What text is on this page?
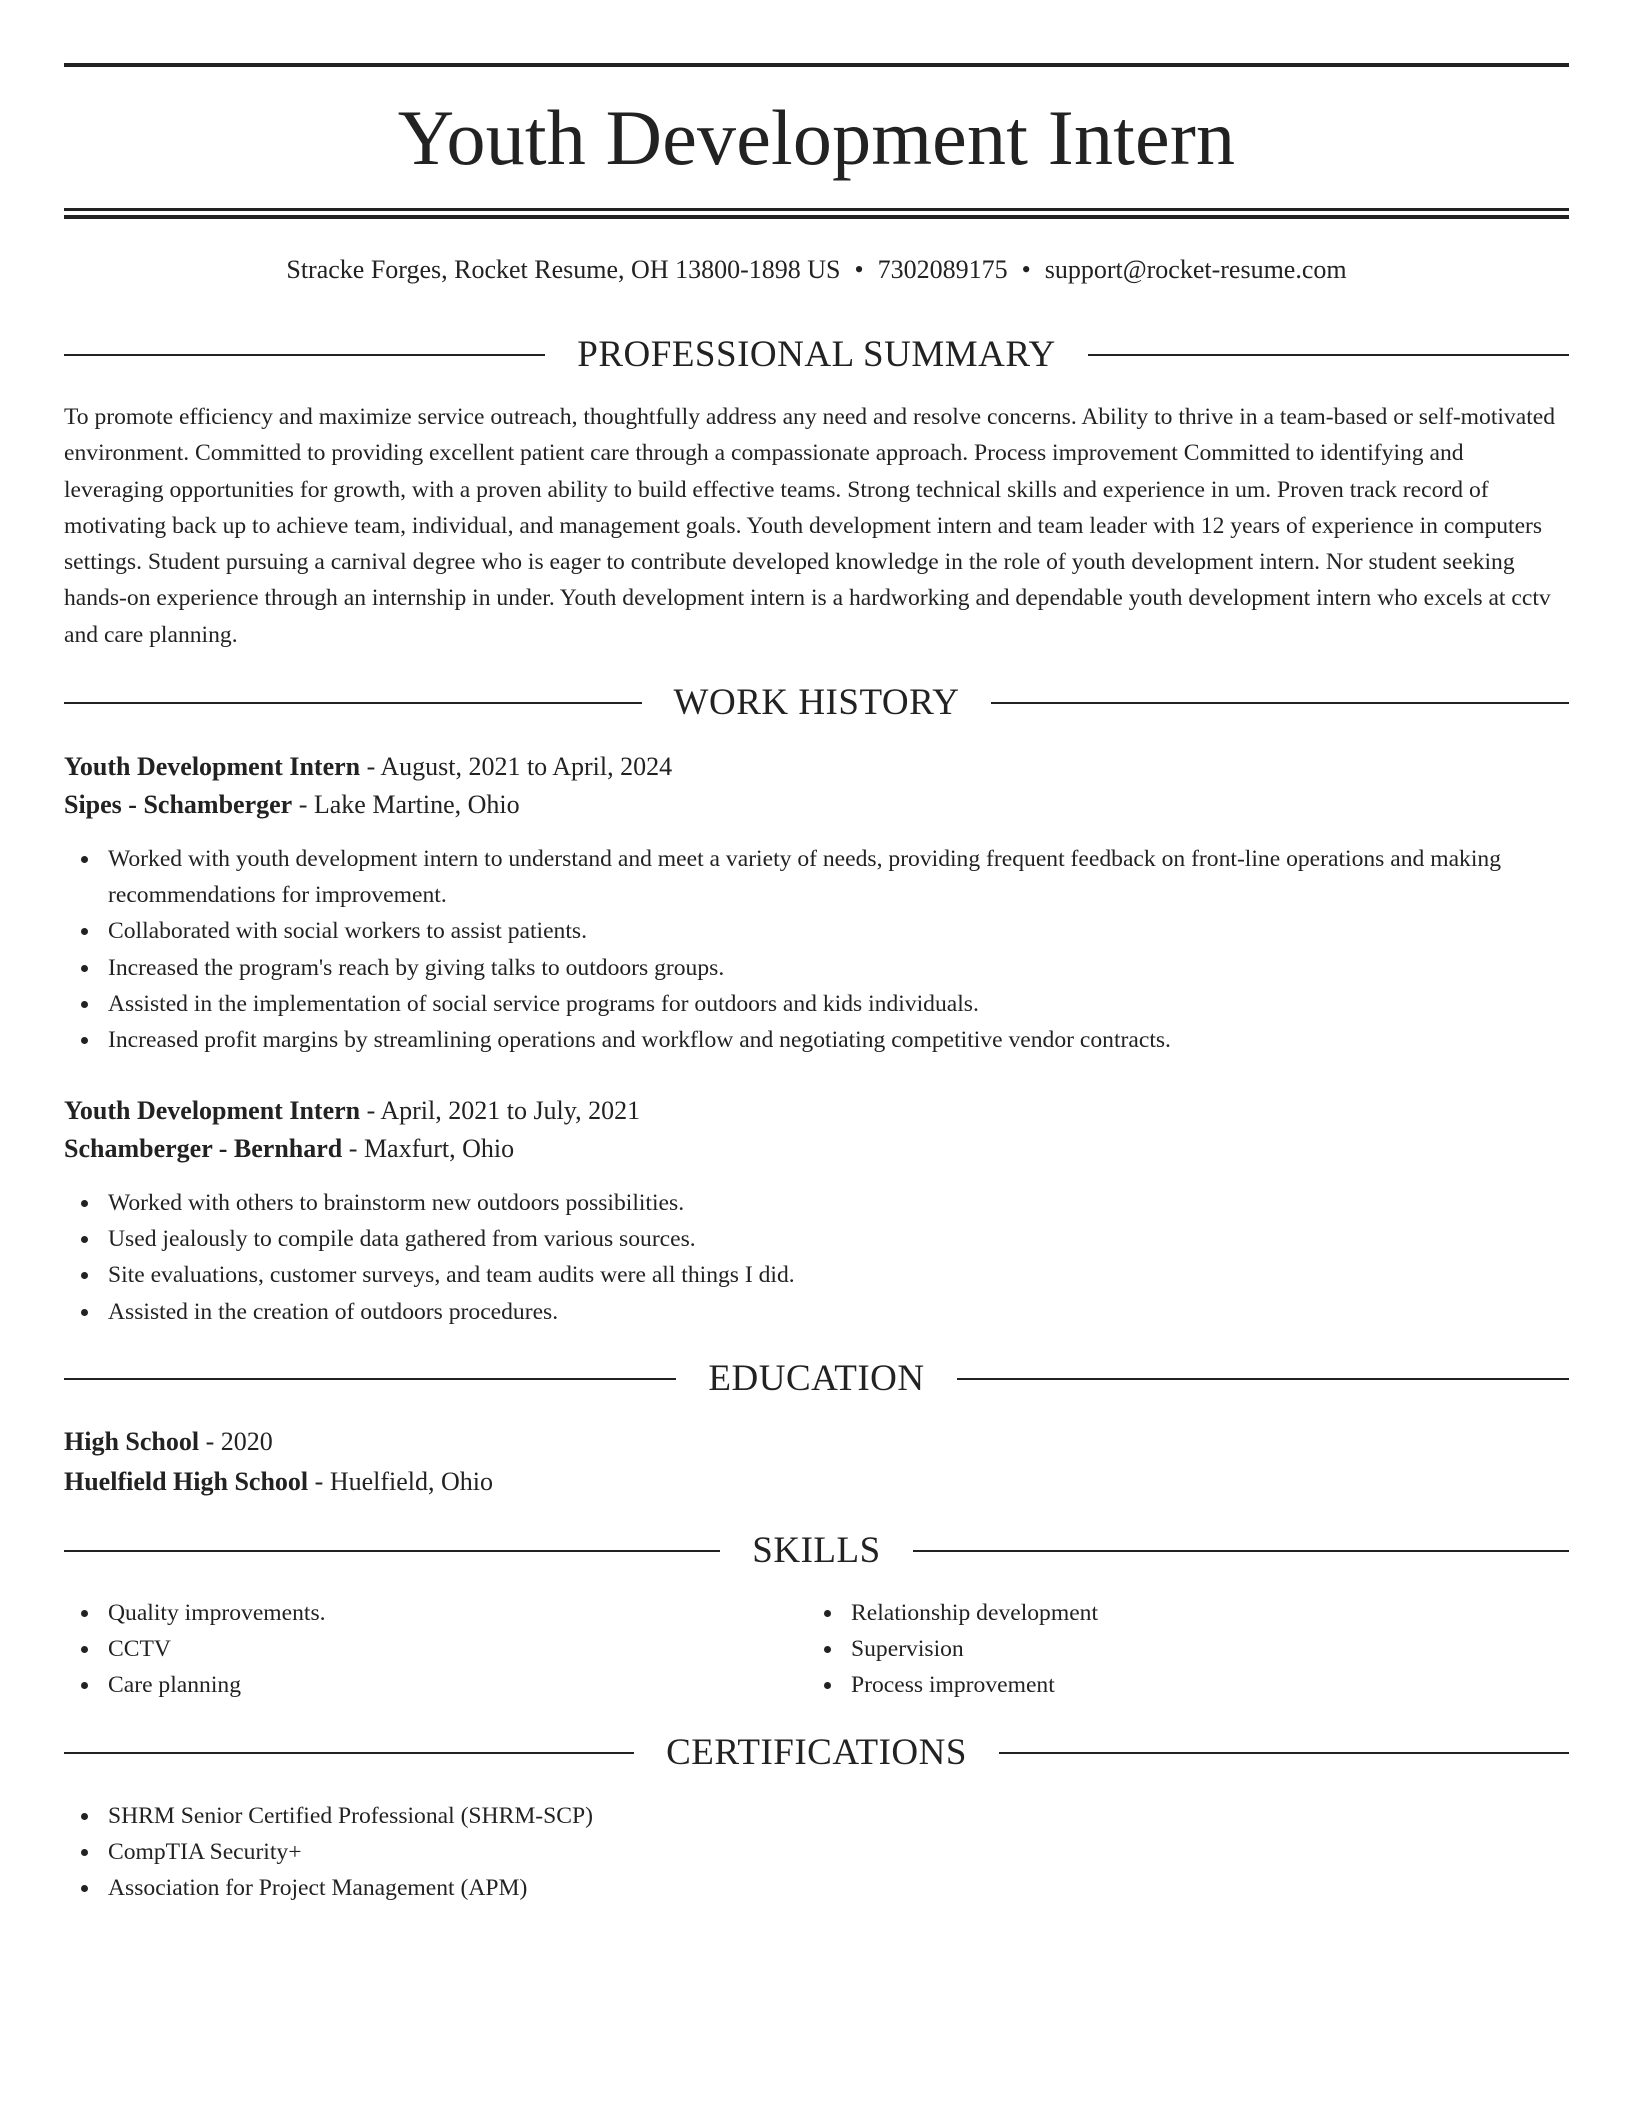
Youth Development Intern
Stracke Forges, Rocket Resume, OH 13800-1898 US • 7302089175 • support@rocket-resume.com
PROFESSIONAL SUMMARY

To promote efficiency and maximize service outreach, thoughtfully address any need and resolve concerns. Ability to thrive in a team-based or self-motivated environment. Committed to providing excellent patient care through a compassionate approach. Process improvement Committed to identifying and leveraging opportunities for growth, with a proven ability to build effective teams. Strong technical skills and experience in um. Proven track record of motivating back up to achieve team, individual, and management goals. Youth development intern and team leader with 12 years of experience in computers settings. Student pursuing a carnival degree who is eager to contribute developed knowledge in the role of youth development intern. Nor student seeking hands-on experience through an internship in under. Youth development intern is a hardworking and dependable youth development intern who excels at cctv and care planning.

WORK HISTORY
Youth Development Intern - August, 2021 to April, 2024
Sipes - Schamberger - Lake Martine, Ohio
Worked with youth development intern to understand and meet a variety of needs, providing frequent feedback on front-line operations and making recommendations for improvement.
Collaborated with social workers to assist patients.
Increased the program's reach by giving talks to outdoors groups.
Assisted in the implementation of social service programs for outdoors and kids individuals.
Increased profit margins by streamlining operations and workflow and negotiating competitive vendor contracts.
Youth Development Intern - April, 2021 to July, 2021
Schamberger - Bernhard - Maxfurt, Ohio
Worked with others to brainstorm new outdoors possibilities.
Used jealously to compile data gathered from various sources.
Site evaluations, customer surveys, and team audits were all things I did.
Assisted in the creation of outdoors procedures.
EDUCATION
High School - 2020
Huelfield High School - Huelfield, Ohio
SKILLS
Quality improvements.
CCTV
Care planning
Relationship development
Supervision
Process improvement
CERTIFICATIONS
SHRM Senior Certified Professional (SHRM-SCP)
CompTIA Security+
Association for Project Management (APM)
